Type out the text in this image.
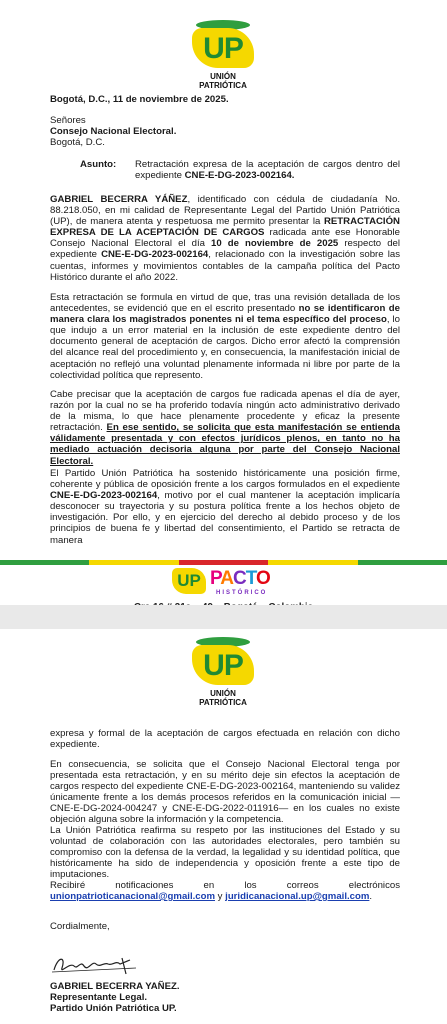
UP
UNIÓN PATRIÓTICA
Bogotá, D.C., 11 de noviembre de 2025.
Señores
Consejo Nacional Electoral.
Bogotá, D.C.
Asunto:	Retractación expresa de la aceptación de cargos dentro del expediente CNE-E-DG-2023-002164.
GABRIEL BECERRA YÁÑEZ, identificado con cédula de ciudadanía No. 88.218.050, en mi calidad de Representante Legal del Partido Unión Patriótica (UP), de manera atenta y respetuosa me permito presentar la RETRACTACIÓN EXPRESA DE LA ACEPTACIÓN DE CARGOS radicada ante ese Honorable Consejo Nacional Electoral el día 10 de noviembre de 2025 respecto del expediente CNE-E-DG-2023-002164, relacionado con la investigación sobre las cuentas, informes y movimientos contables de la campaña política del Pacto Histórico durante el año 2022.
Esta retractación se formula en virtud de que, tras una revisión detallada de los antecedentes, se evidenció que en el escrito presentado no se identificaron de manera clara los magistrados ponentes ni el tema específico del proceso, lo que indujo a un error material en la inclusión de este expediente dentro del documento general de aceptación de cargos. Dicho error afectó la comprensión del alcance real del procedimiento y, en consecuencia, la manifestación inicial de aceptación no reflejó una voluntad plenamente informada ni libre por parte de la colectividad política que represento.
Cabe precisar que la aceptación de cargos fue radicada apenas el día de ayer, razón por la cual no se ha proferido todavía ningún acto administrativo derivado de la misma, lo que hace plenamente procedente y eficaz la presente retractación. En ese sentido, se solicita que esta manifestación se entienda válidamente presentada y con efectos jurídicos plenos, en tanto no ha mediado actuación decisoria alguna por parte del Consejo Nacional Electoral.
El Partido Unión Patriótica ha sostenido históricamente una posición firme, coherente y pública de oposición frente a los cargos formulados en el expediente CNE-E-DG-2023-002164, motivo por el cual mantener la aceptación implicaría desconocer su trayectoria y su postura política frente a los hechos objeto de investigación. Por ello, y en ejercicio del derecho al debido proceso y de los principios de buena fe y libertad del consentimiento, el Partido se retracta de manera
UP PACTO
HISTÓRICO
UP
UNIÓN PATRIÓTICA
expresa y formal de la aceptación de cargos efectuada en relación con dicho expediente.
En consecuencia, se solicita que el Consejo Nacional Electoral tenga por presentada esta retractación, y en su mérito deje sin efectos la aceptación de cargos respecto del expediente CNE-E-DG-2023-002164, manteniendo su validez únicamente frente a los demás procesos referidos en la comunicación inicial —CNE-E-DG-2024-004247 y CNE-E-DG-2022-011916— en los cuales no existe objeción alguna sobre la información y la competencia.
La Unión Patriótica reafirma su respeto por las instituciones del Estado y su voluntad de colaboración con las autoridades electorales, pero también su compromiso con la defensa de la verdad, la legalidad y su identidad política, que históricamente ha sido de independencia y oposición frente a este tipo de imputaciones.
Recibiré notificaciones en los correos electrónicos
unionpatrioticanacional@gmail.com y juridicanacional.up@gmail.com.
Cordialmente,
GABRIEL BECERRA YAÑEZ.
Representante Legal.
Partido Unión Patriótica UP.
